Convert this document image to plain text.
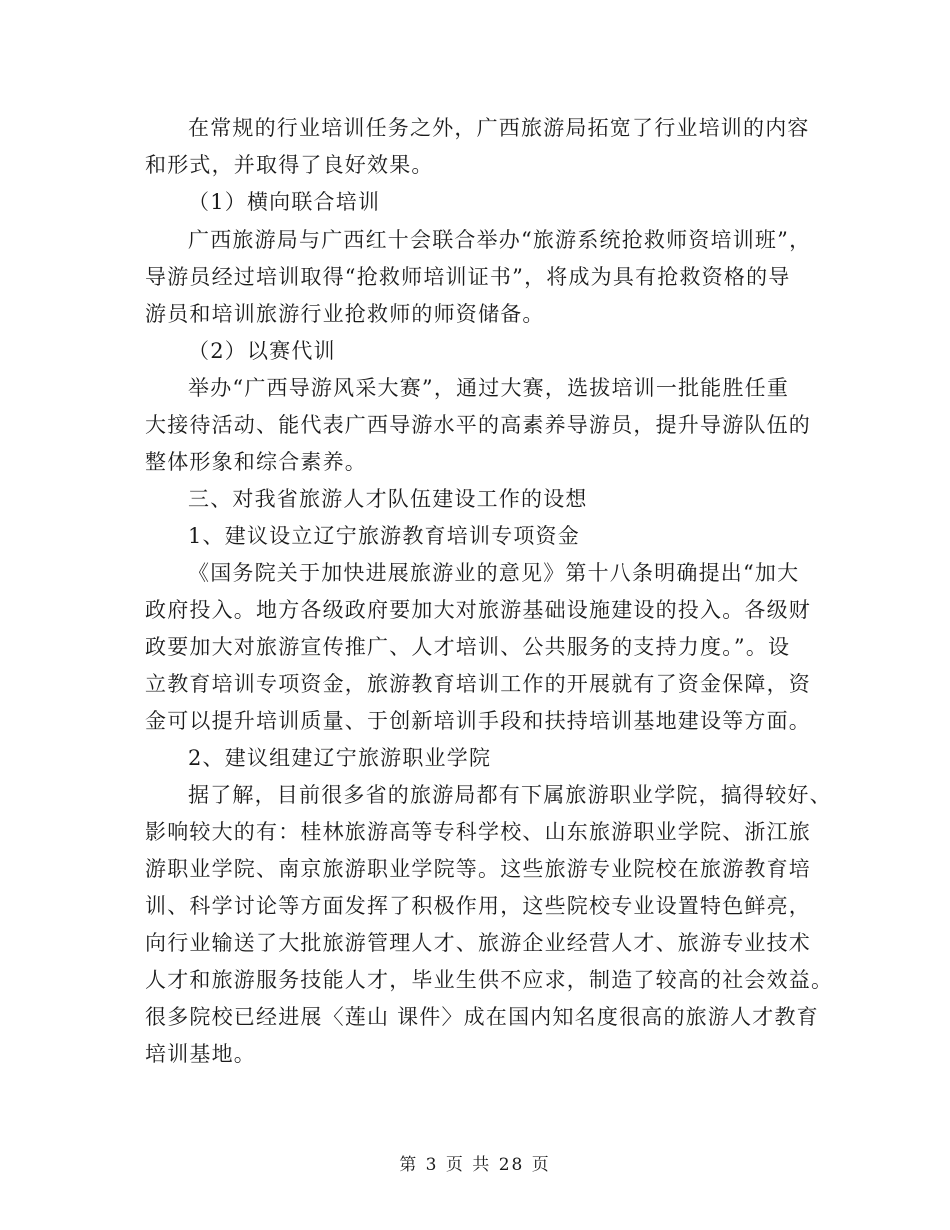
在常规的行业培训任务之外，广西旅游局拓宽了行业培训的内容
和形式，并取得了良好效果。
（1）横向联合培训
广西旅游局与广西红十会联合举办“旅游系统抢救师资培训班”，
导游员经过培训取得“抢救师培训证书”，将成为具有抢救资格的导
游员和培训旅游行业抢救师的师资储备。
（2）以赛代训
举办“广西导游风采大赛”，通过大赛，选拔培训一批能胜任重
大接待活动、能代表广西导游水平的高素养导游员，提升导游队伍的
整体形象和综合素养。
三、对我省旅游人才队伍建设工作的设想
1、建议设立辽宁旅游教育培训专项资金
《国务院关于加快进展旅游业的意见》第十八条明确提出“加大
政府投入。地方各级政府要加大对旅游基础设施建设的投入。各级财
政要加大对旅游宣传推广、人才培训、公共服务的支持力度。”。设
立教育培训专项资金，旅游教育培训工作的开展就有了资金保障，资
金可以提升培训质量、于创新培训手段和扶持培训基地建设等方面。
2、建议组建辽宁旅游职业学院
据了解，目前很多省的旅游局都有下属旅游职业学院，搞得较好、
影响较大的有：桂林旅游高等专科学校、山东旅游职业学院、浙江旅
游职业学院、南京旅游职业学院等。这些旅游专业院校在旅游教育培
训、科学讨论等方面发挥了积极作用，这些院校专业设置特色鲜亮，
向行业输送了大批旅游管理人才、旅游企业经营人才、旅游专业技术
人才和旅游服务技能人才，毕业生供不应求，制造了较高的社会效益。
很多院校已经进展〈莲山 课件〉成在国内知名度很高的旅游人才教育
培训基地。
第 3 页 共 28 页
